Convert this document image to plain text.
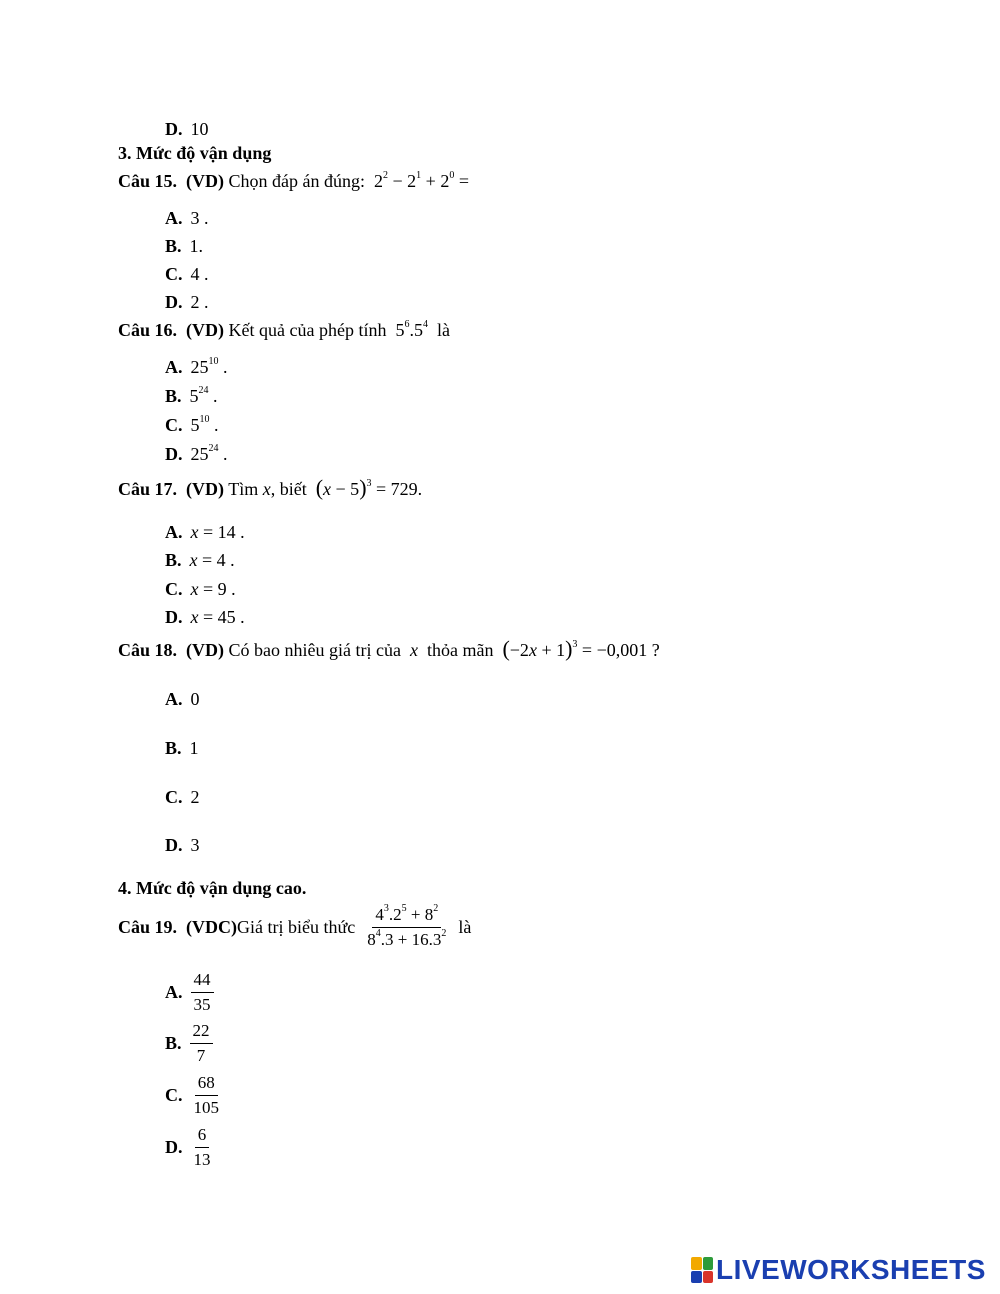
D. 10
3. Mức độ vận dụng
Câu 15. (VD) Chọn đáp án đúng: $2^2 - 2^1 + 2^0$ =
A. 3 .
B. 1.
C. 4 .
D. 2 .
Câu 16. (VD) Kết quả của phép tính $5^6.5^4$ là
A. $25^{10}$ .
B. $5^{24}$ .
C. $5^{10}$ .
D. $25^{24}$ .
Câu 17. (VD) Tìm x, biết  $(x - 5)^3 = 729$.
A. x = 14 .
B. x = 4 .
C. x = 9 .
D. x = 45 .
Câu 18. (VD) Có bao nhiêu giá trị của x thỏa mãn $(-2x + 1)^3 = -0,001$ ?
A. 0
B. 1
C. 2
D. 3
4. Mức độ vận dụng cao.
Câu 19.
(VDC) Giá trị biểu thức
$\frac{4^3.2^5 + 8^2}{8^4.3 + 16.3^2}$
là
A. $\frac{44}{35}$
B. $\frac{22}{7}$
C. $\frac{68}{105}$
D. $\frac{6}{13}$
LIVEWORKSHEETS
